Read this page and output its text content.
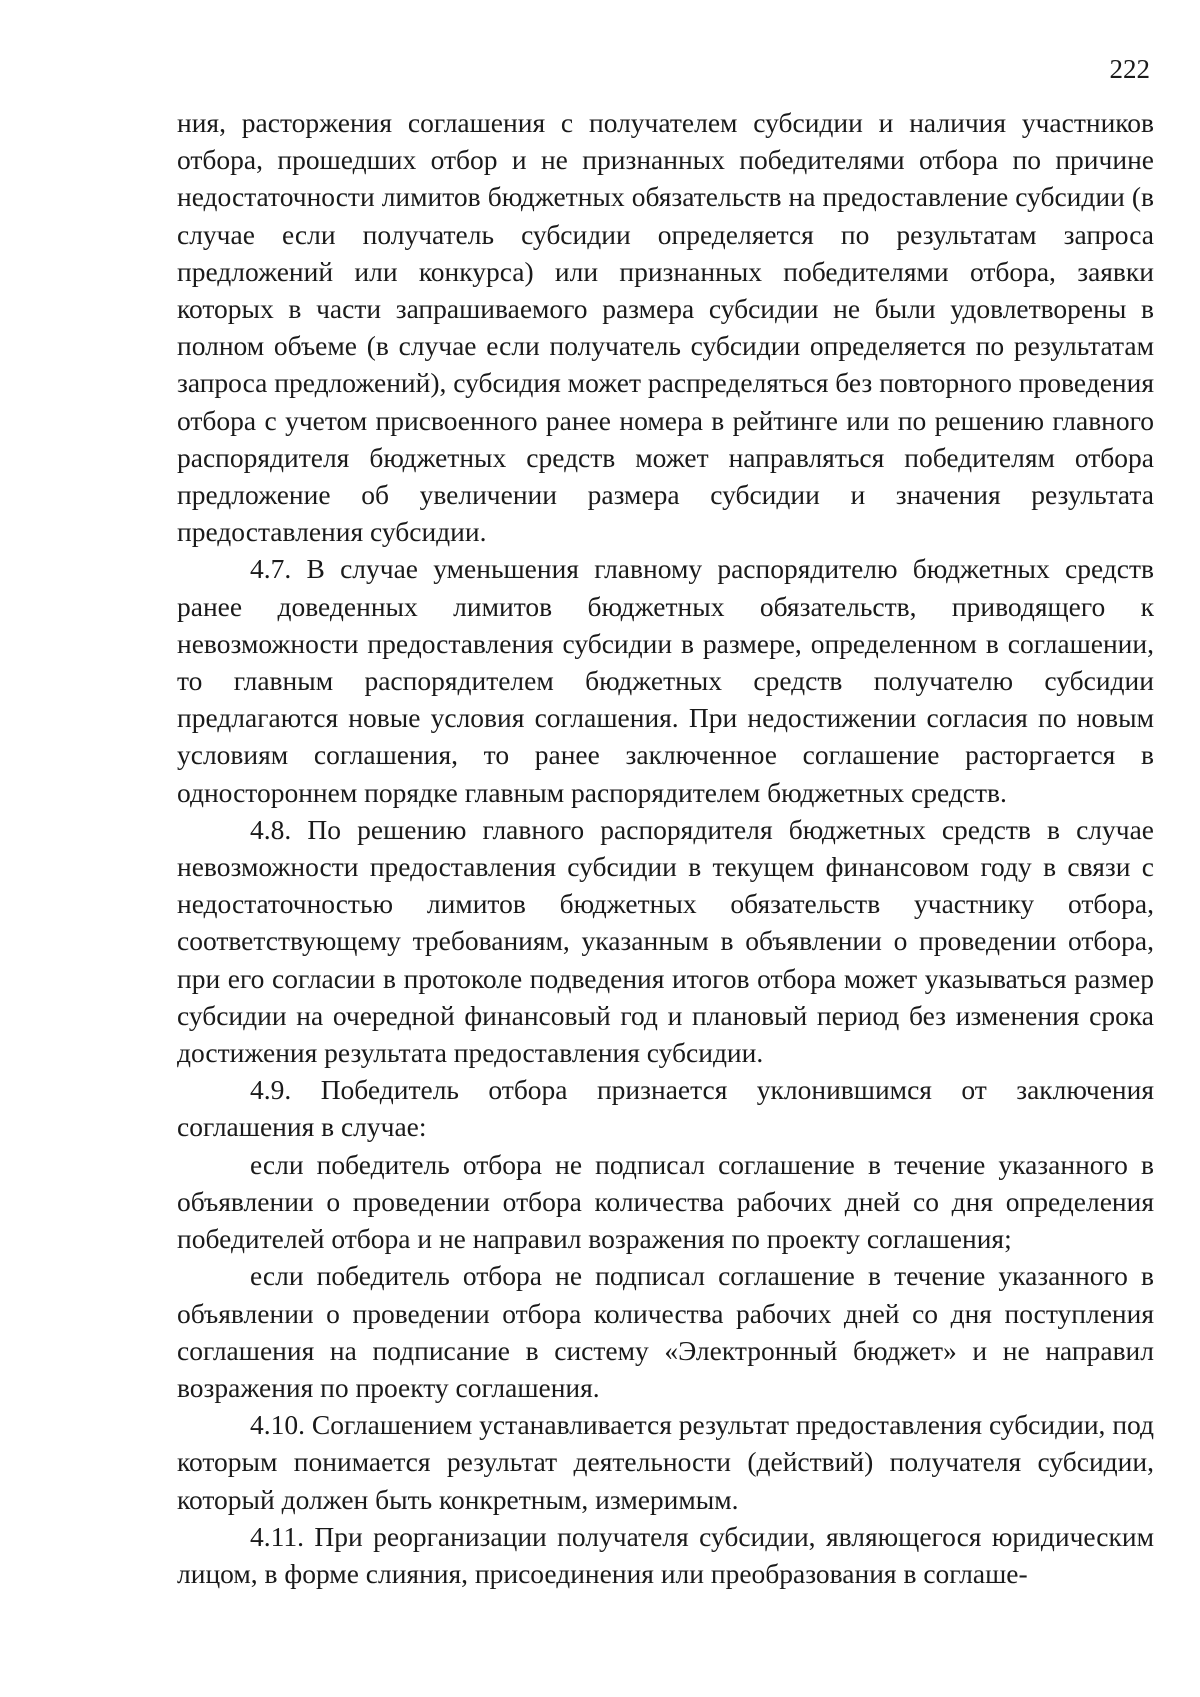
222

ния, расторжения соглашения с получателем субсидии и наличия участников отбора, прошедших отбор и не признанных победителями отбора по причине недостаточности лимитов бюджетных обязательств на предоставление субсидии (в случае если получатель субсидии определяется по результатам запроса предложений или конкурса) или признанных победителями отбора, заявки которых в части запрашиваемого размера субсидии не были удовлетворены в полном объеме (в случае если получатель субсидии определяется по результатам запроса предложений), субсидия может распределяться без повторного проведения отбора с учетом присвоенного ранее номера в рейтинге или по решению главного распорядителя бюджетных средств может направляться победителям отбора предложение об увеличении размера субсидии и значения результата предоставления субсидии.

4.7. В случае уменьшения главному распорядителю бюджетных средств ранее доведенных лимитов бюджетных обязательств, приводящего к невозможности предоставления субсидии в размере, определенном в соглашении, то главным распорядителем бюджетных средств получателю субсидии предлагаются новые условия соглашения. При недостижении согласия по новым условиям соглашения, то ранее заключенное соглашение расторгается в одностороннем порядке главным распорядителем бюджетных средств.

4.8. По решению главного распорядителя бюджетных средств в случае невозможности предоставления субсидии в текущем финансовом году в связи с недостаточностью лимитов бюджетных обязательств участнику отбора, соответствующему требованиям, указанным в объявлении о проведении отбора, при его согласии в протоколе подведения итогов отбора может указываться размер субсидии на очередной финансовый год и плановый период без изменения срока достижения результата предоставления субсидии.

4.9. Победитель отбора признается уклонившимся от заключения соглашения в случае:

если победитель отбора не подписал соглашение в течение указанного в объявлении о проведении отбора количества рабочих дней со дня определения победителей отбора и не направил возражения по проекту соглашения;

если победитель отбора не подписал соглашение в течение указанного в объявлении о проведении отбора количества рабочих дней со дня поступления соглашения на подписание в систему «Электронный бюджет» и не направил возражения по проекту соглашения.

4.10. Соглашением устанавливается результат предоставления субсидии, под которым понимается результат деятельности (действий) получателя субсидии, который должен быть конкретным, измеримым.

4.11. При реорганизации получателя субсидии, являющегося юридическим лицом, в форме слияния, присоединения или преобразования в соглаше-
